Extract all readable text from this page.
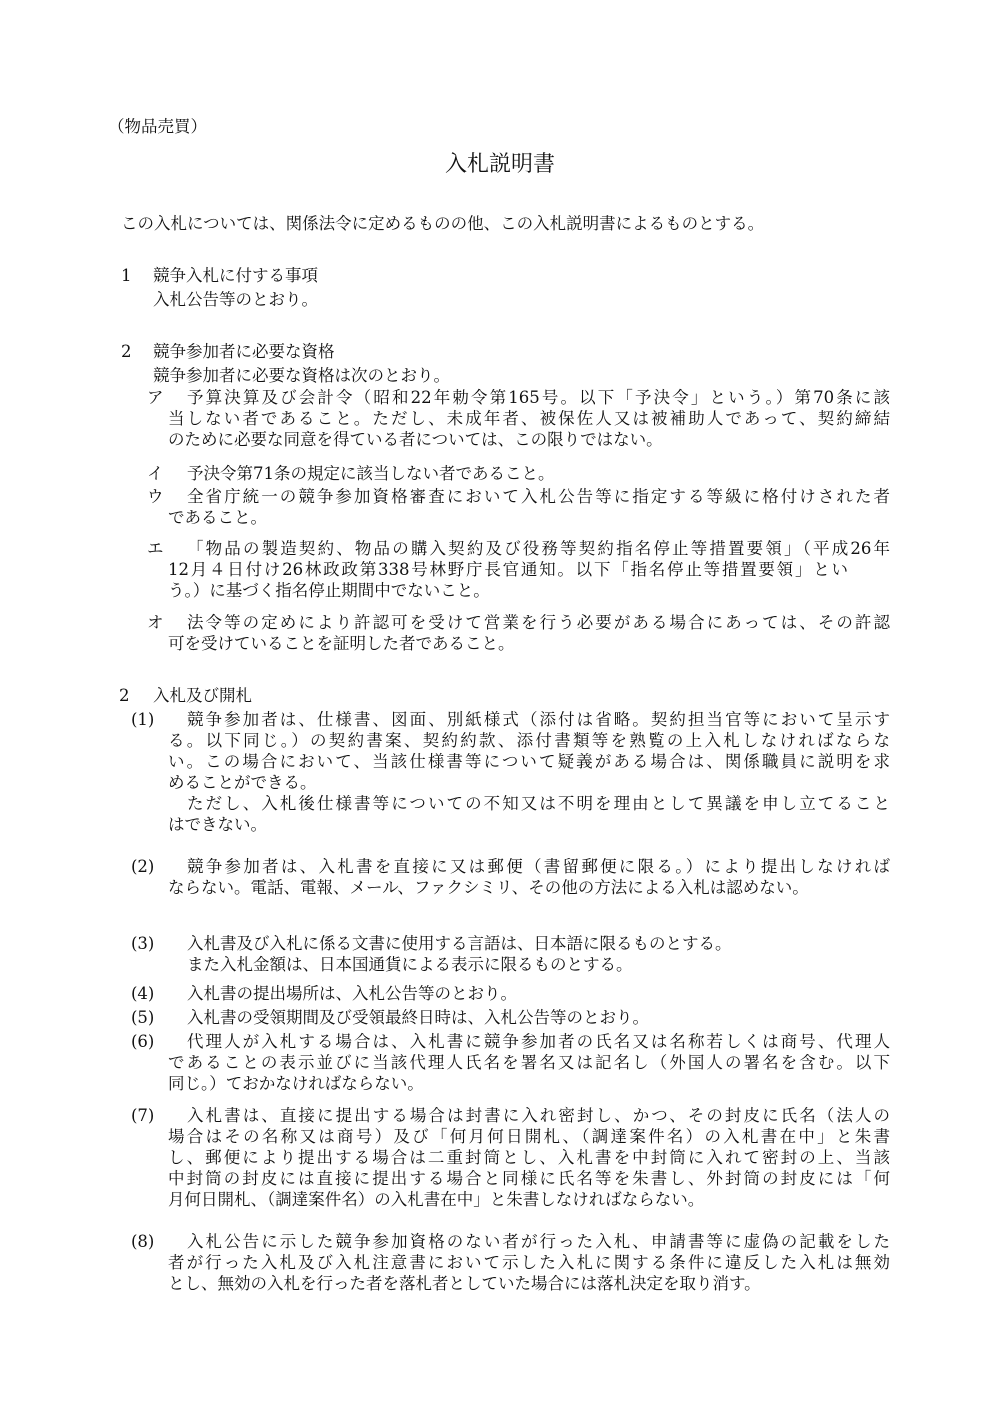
（物品売買）
入札説明書
この入札については、関係法令に定めるものの他、この入札説明書によるものとする。
1 競争入札に付する事項
入札公告等のとおり。
2 競争参加者に必要な資格
競争参加者に必要な資格は次のとおり。
ア 予算決算及び会計令（昭和22年勅令第165号。以下「予決令」という。）第70条に該
当しない者であること。ただし、未成年者、被保佐人又は被補助人であって、契約締結
のために必要な同意を得ている者については、この限りではない。
イ 予決令第71条の規定に該当しない者であること。
ウ 全省庁統一の競争参加資格審査において入札公告等に指定する等級に格付けされた者
であること。
エ 「物品の製造契約、物品の購入契約及び役務等契約指名停止等措置要領」（平成26年
12月４日付け26林政政第338号林野庁長官通知。以下「指名停止等措置要領」とい
う。）に基づく指名停止期間中でないこと。
オ 法令等の定めにより許認可を受けて営業を行う必要がある場合にあっては、その許認
可を受けていることを証明した者であること。
2 入札及び開札
(1) 競争参加者は、仕様書、図面、別紙様式（添付は省略。契約担当官等において呈示す
る。以下同じ。）の契約書案、契約約款、添付書類等を熟覧の上入札しなければならな
い。この場合において、当該仕様書等について疑義がある場合は、関係職員に説明を求
めることができる。
ただし、入札後仕様書等についての不知又は不明を理由として異議を申し立てること
はできない。
(2) 競争参加者は、入札書を直接に又は郵便（書留郵便に限る。）により提出しなければ
ならない。電話、電報、メール、ファクシミリ、その他の方法による入札は認めない。
(3) 入札書及び入札に係る文書に使用する言語は、日本語に限るものとする。
また入札金額は、日本国通貨による表示に限るものとする。
(4) 入札書の提出場所は、入札公告等のとおり。
(5) 入札書の受領期間及び受領最終日時は、入札公告等のとおり。
(6) 代理人が入札する場合は、入札書に競争参加者の氏名又は名称若しくは商号、代理人
であることの表示並びに当該代理人氏名を署名又は記名し（外国人の署名を含む。以下
同じ。）ておかなければならない。
(7) 入札書は、直接に提出する場合は封書に入れ密封し、かつ、その封皮に氏名（法人の
場合はその名称又は商号）及び「何月何日開札、（調達案件名）の入札書在中」と朱書
し、郵便により提出する場合は二重封筒とし、入札書を中封筒に入れて密封の上、当該
中封筒の封皮には直接に提出する場合と同様に氏名等を朱書し、外封筒の封皮には「何
月何日開札、（調達案件名）の入札書在中」と朱書しなければならない。
(8) 入札公告に示した競争参加資格のない者が行った入札、申請書等に虚偽の記載をした
者が行った入札及び入札注意書において示した入札に関する条件に違反した入札は無効
とし、無効の入札を行った者を落札者としていた場合には落札決定を取り消す。
